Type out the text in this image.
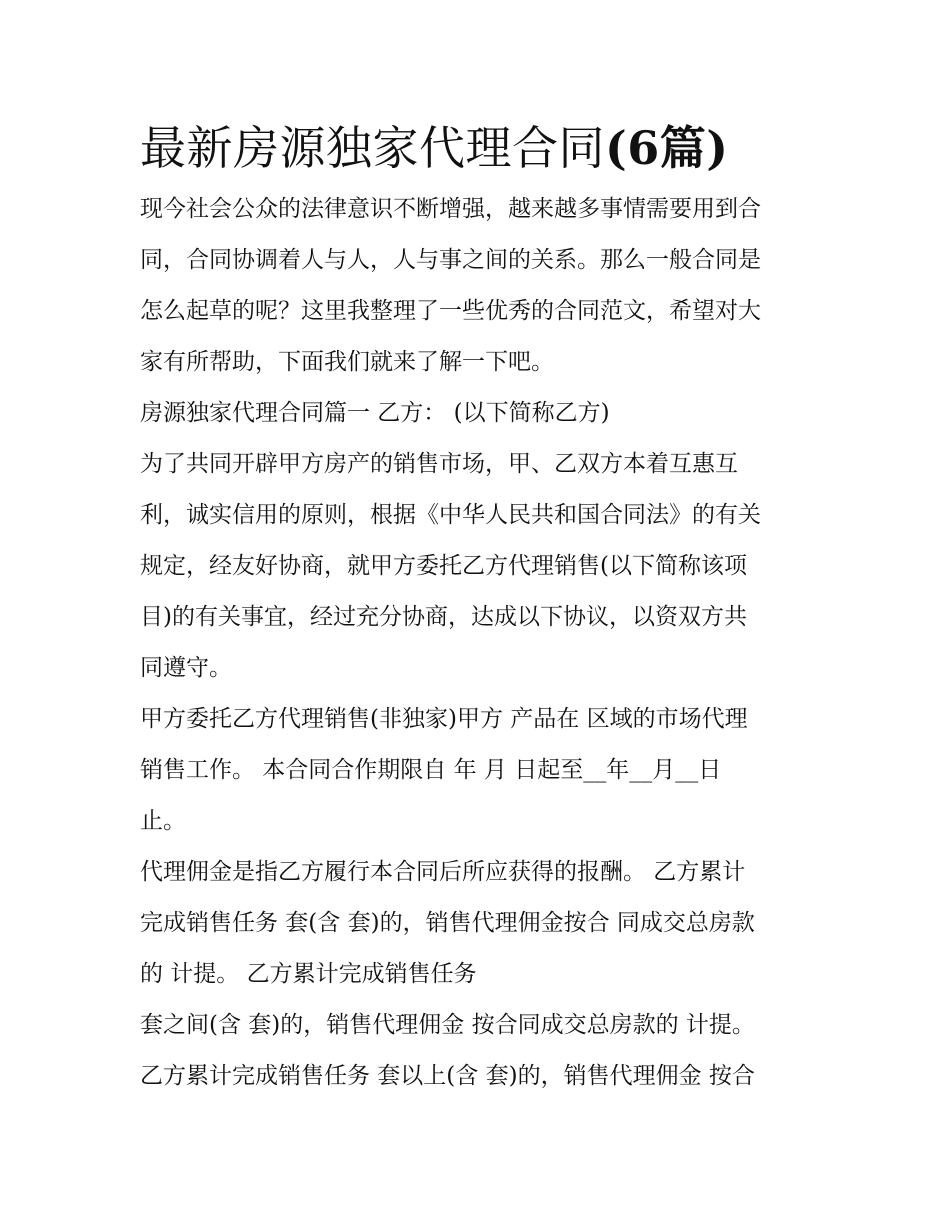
最新房源独家代理合同(6篇)

现今社会公众的法律意识不断增强，越来越多事情需要用到合

同，合同协调着人与人，人与事之间的关系。那么一般合同是

怎么起草的呢？这里我整理了一些优秀的合同范文，希望对大

家有所帮助，下面我们就来了解一下吧。

房源独家代理合同篇一 乙方： (以下简称乙方)

为了共同开辟甲方房产的销售市场，甲、乙双方本着互惠互

利，诚实信用的原则，根据《中华人民共和国合同法》的有关

规定，经友好协商，就甲方委托乙方代理销售(以下简称该项

目)的有关事宜，经过充分协商，达成以下协议，以资双方共

同遵守。

甲方委托乙方代理销售(非独家)甲方 产品在 区域的市场代理

销售工作。 本合同合作期限自 年 月 日起至__年__月__日

止。

代理佣金是指乙方履行本合同后所应获得的报酬。 乙方累计

完成销售任务 套(含 套)的，销售代理佣金按合 同成交总房款

的 计提。 乙方累计完成销售任务

套之间(含 套)的，销售代理佣金 按合同成交总房款的 计提。

乙方累计完成销售任务 套以上(含 套)的，销售代理佣金 按合
